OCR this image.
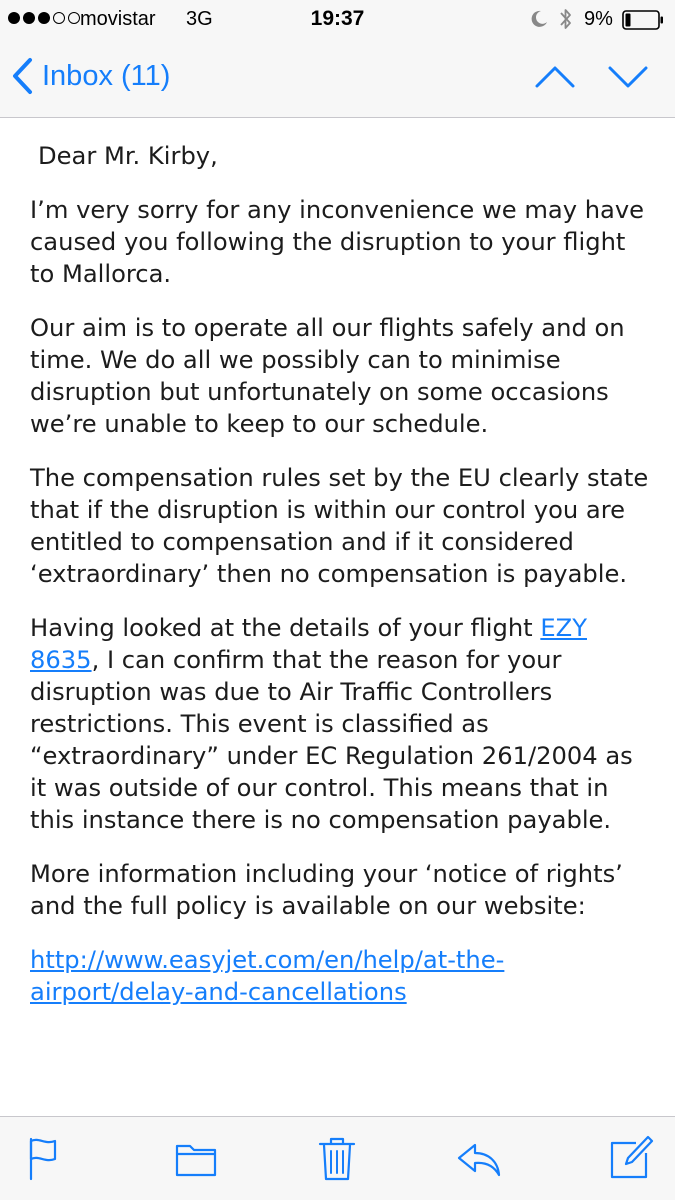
movistar 3G	19:37	9%
Inbox (11)

Dear Mr. Kirby,

I’m very sorry for any inconvenience we may have caused you following the disruption to your flight to Mallorca.

Our aim is to operate all our flights safely and on time. We do all we possibly can to minimise disruption but unfortunately on some occasions we’re unable to keep to our schedule.

The compensation rules set by the EU clearly state that if the disruption is within our control you are entitled to compensation and if it considered ‘extraordinary’ then no compensation is payable.

Having looked at the details of your flight EZY 8635, I can confirm that the reason for your disruption was due to Air Traffic Controllers restrictions. This event is classified as “extraordinary” under EC Regulation 261/2004 as it was outside of our control. This means that in this instance there is no compensation payable.

More information including your ‘notice of rights’ and the full policy is available on our website:

http://www.easyjet.com/en/help/at-the-airport/delay-and-cancellations
